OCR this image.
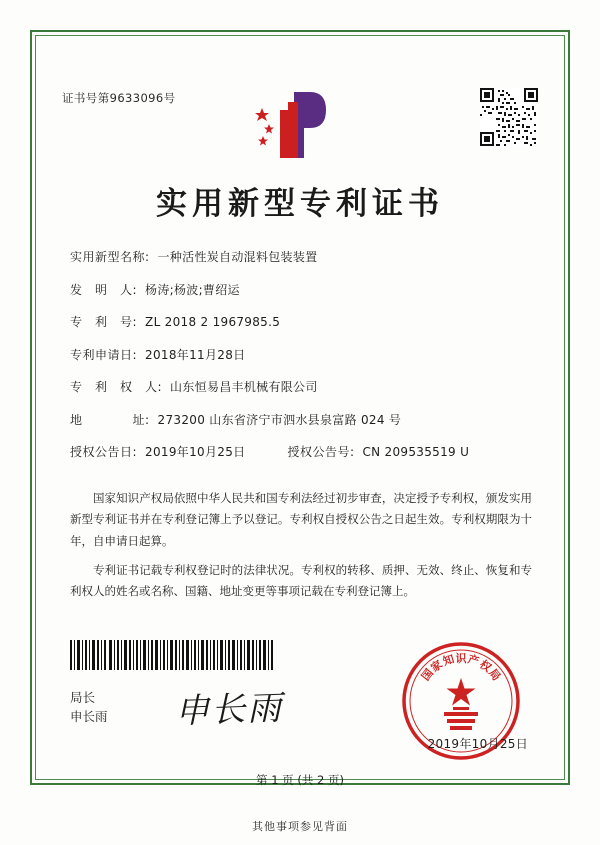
证书号第9633096号
实用新型专利证书
实用新型名称: 一种活性炭自动混料包装装置
发　明　人: 杨涛;杨波;曹绍运
专　利　号: ZL 2018 2 1967985.5
专利申请日: 2018年11月28日
专　利　权　人: 山东恒易昌丰机械有限公司
地　　　　址: 273200 山东省济宁市泗水县泉富路 024 号
授权公告日: 2019年10月25日	授权公告号: CN 209535519 U

国家知识产权局依照中华人民共和国专利法经过初步审查，决定授予专利权，颁发实用新型专利证书并在专利登记簿上予以登记。专利权自授权公告之日起生效。专利权期限为十年，自申请日起算。

专利证书记载专利权登记时的法律状况。专利权的转移、质押、无效、终止、恢复和专利权人的姓名或名称、国籍、地址变更等事项记载在专利登记簿上。

局长
申长雨 申长雨
国
家
知 识 产
权
局
2019年10月25日
第 1 页 (共 2 页)
其他事项参见背面
